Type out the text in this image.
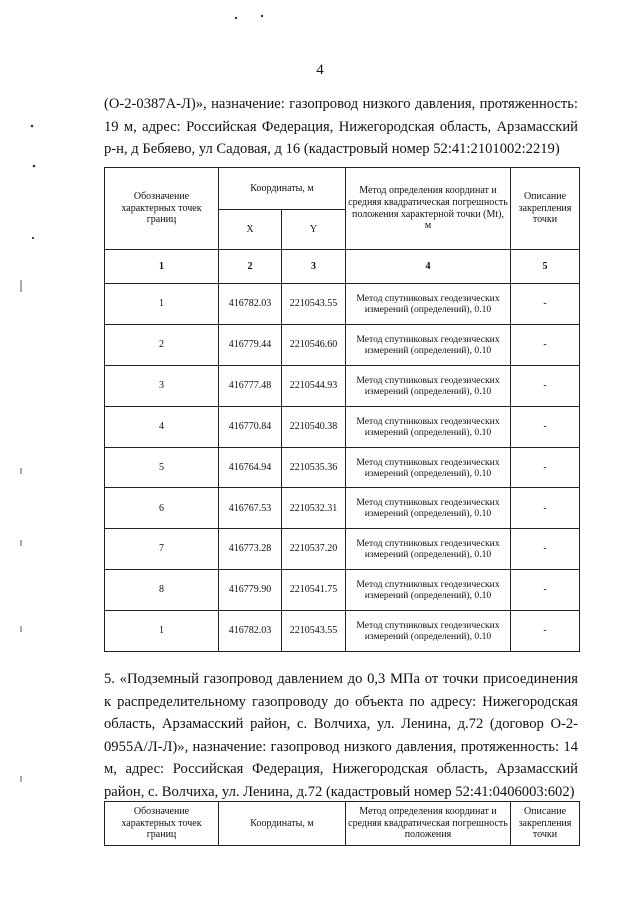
4
(О-2-0387А-Л)», назначение: газопровод низкого давления, протяженность: 19 м, адрес: Российская Федерация, Нижегородская область, Арзамасский р-н, д Бебяево, ул Садовая, д 16 (кадастровый номер 52:41:2101002:2219)
Обозначение характерных точек границ	Координаты, м		Метод определения координат и средняя квадратическая погрешность положения характерной точки (Mt), м	Описание закрепления точки
	X	Y		
1	2	3	4	5
1	416782.03	2210543.55	Метод спутниковых геодезических измерений (определений), 0.10	-
2	416779.44	2210546.60	Метод спутниковых геодезических измерений (определений), 0.10	-
3	416777.48	2210544.93	Метод спутниковых геодезических измерений (определений), 0.10	-
4	416770.84	2210540.38	Метод спутниковых геодезических измерений (определений), 0.10	-
5	416764.94	2210535.36	Метод спутниковых геодезических измерений (определений), 0.10	-
6	416767.53	2210532.31	Метод спутниковых геодезических измерений (определений), 0.10	-
7	416773.28	2210537.20	Метод спутниковых геодезических измерений (определений), 0.10	-
8	416779.90	2210541.75	Метод спутниковых геодезических измерений (определений), 0.10	-
1	416782.03	2210543.55	Метод спутниковых геодезических измерений (определений), 0.10	-
5. «Подземный газопровод давлением до 0,3 МПа от точки присоединения к распределительному газопроводу до объекта по адресу: Нижегородская область, Арзамасский район, с. Волчиха, ул. Ленина, д.72 (договор О-2-0955А/Л-Л)», назначение: газопровод низкого давления, протяженность: 14 м, адрес: Российская Федерация, Нижегородская область, Арзамасский район, с. Волчиха, ул. Ленина, д.72 (кадастровый номер 52:41:0406003:602)
Обозначение характерных точек границ	Координаты, м	Метод определения координат и средняя квадратическая погрешность положения	Описание закрепления точки
